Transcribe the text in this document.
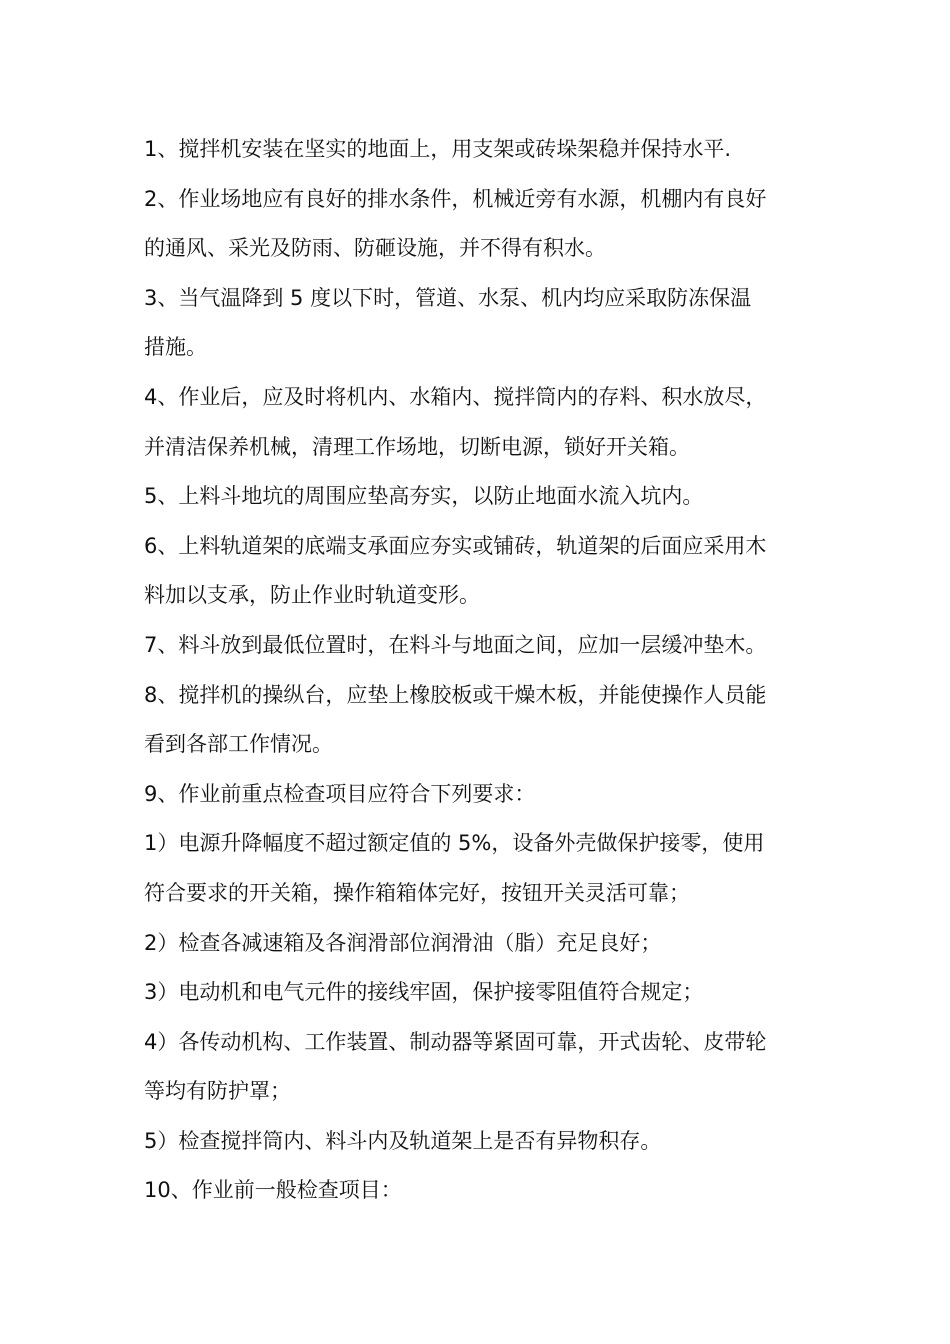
1、搅拌机安装在坚实的地面上，用支架或砖垛架稳并保持水平.

2、作业场地应有良好的排水条件，机械近旁有水源，机棚内有良好
的通风、采光及防雨、防砸设施，并不得有积水。

3、当气温降到 5 度以下时，管道、水泵、机内均应采取防冻保温
措施。

4、作业后，应及时将机内、水箱内、搅拌筒内的存料、积水放尽，
并清洁保养机械，清理工作场地，切断电源，锁好开关箱。

5、上料斗地坑的周围应垫高夯实，以防止地面水流入坑内。

6、上料轨道架的底端支承面应夯实或铺砖，轨道架的后面应采用木
料加以支承，防止作业时轨道变形。

7、料斗放到最低位置时，在料斗与地面之间，应加一层缓冲垫木。

8、搅拌机的操纵台，应垫上橡胶板或干燥木板，并能使操作人员能
看到各部工作情况。

9、作业前重点检查项目应符合下列要求：

1）电源升降幅度不超过额定值的 5%，设备外壳做保护接零，使用
符合要求的开关箱，操作箱箱体完好，按钮开关灵活可靠；

2）检查各减速箱及各润滑部位润滑油（脂）充足良好；

3）电动机和电气元件的接线牢固，保护接零阻值符合规定；

4）各传动机构、工作装置、制动器等紧固可靠，开式齿轮、皮带轮
等均有防护罩；

5）检查搅拌筒内、料斗内及轨道架上是否有异物积存。

10、作业前一般检查项目：
